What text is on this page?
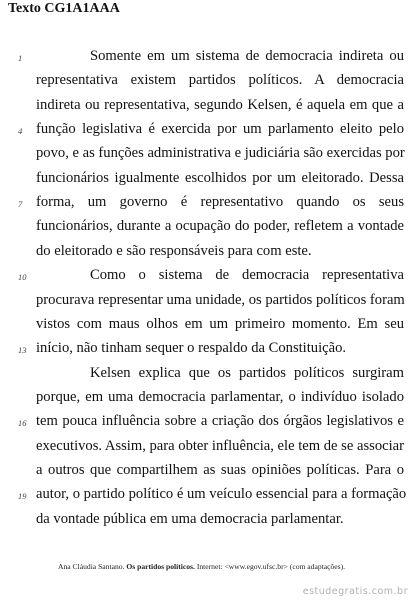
Texto CG1A1AAA
Somente em um sistema de democracia indireta ou
representativa existem partidos políticos. A democracia
indireta ou representativa, segundo Kelsen, é aquela em que a
função legislativa é exercida por um parlamento eleito pelo
povo, e as funções administrativa e judiciária são exercidas por
funcionários igualmente escolhidos por um eleitorado. Dessa
forma, um governo é representativo quando os seus
funcionários, durante a ocupação do poder, refletem a vontade
do eleitorado e são responsáveis para com este.
Como o sistema de democracia representativa
procurava representar uma unidade, os partidos políticos foram
vistos com maus olhos em um primeiro momento. Em seu
início, não tinham sequer o respaldo da Constituição.
Kelsen explica que os partidos políticos surgiram
porque, em uma democracia parlamentar, o indivíduo isolado
tem pouca influência sobre a criação dos órgãos legislativos e
executivos. Assim, para obter influência, ele tem de se associar
a outros que compartilhem as suas opiniões políticas. Para o
autor, o partido político é um veículo essencial para a formação
da vontade pública em uma democracia parlamentar.
1
4
7
10
13
16
19
Ana Cláudia Santano. Os partidos políticos. Internet: <www.egov.ufsc.br> (com adaptações).
estudegratis.com.br
